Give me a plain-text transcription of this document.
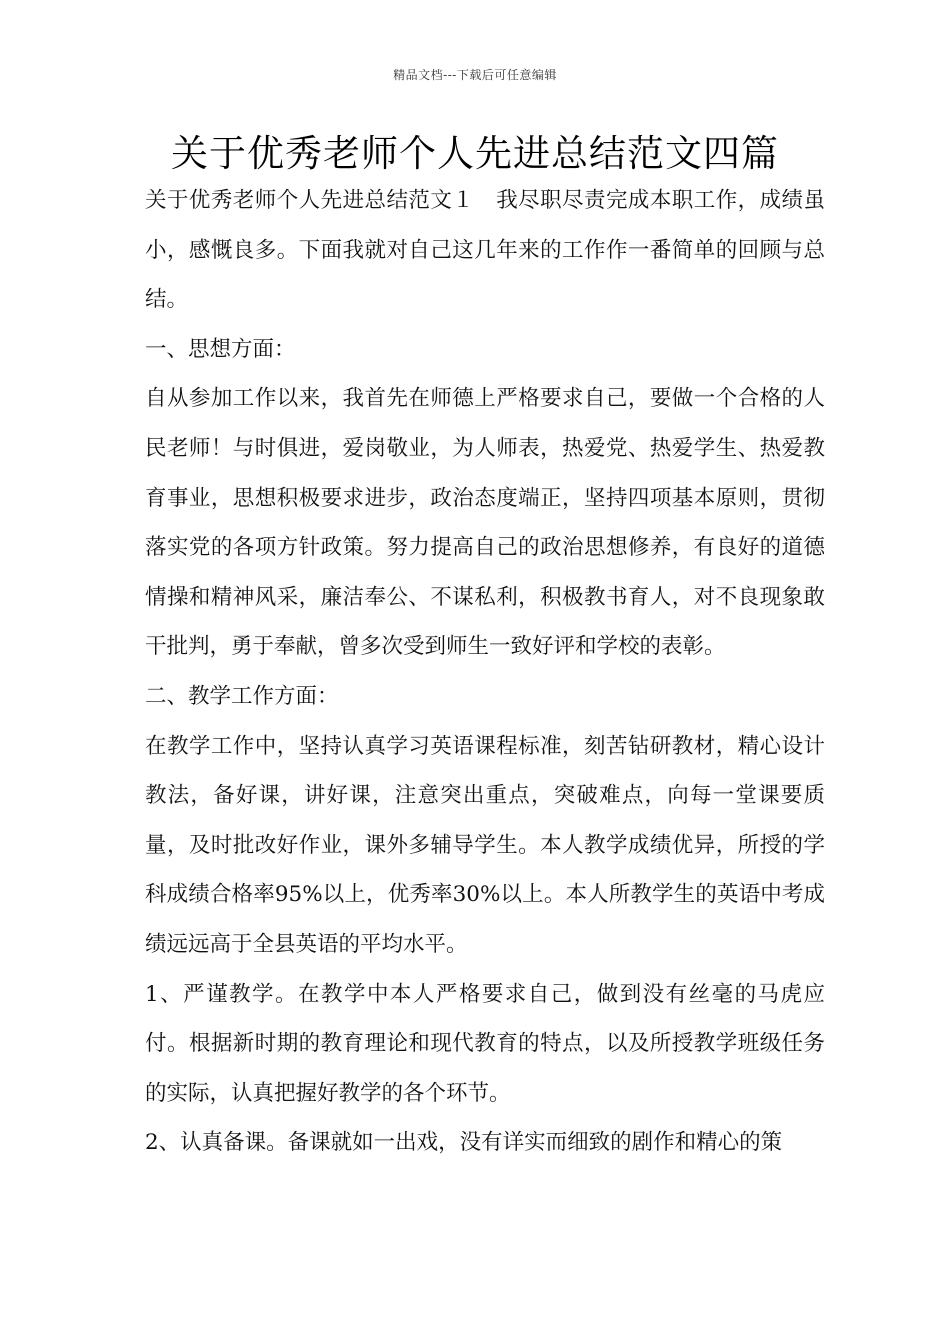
精品文档---下载后可任意编辑
关于优秀老师个人先进总结范文四篇

关于优秀老师个人先进总结范文１　我尽职尽责完成本职工作，成绩虽小，感慨良多。下面我就对自己这几年来的工作作一番简单的回顾与总结。

一、思想方面：

自从参加工作以来，我首先在师德上严格要求自己，要做一个合格的人民老师！与时俱进，爱岗敬业，为人师表，热爱党、热爱学生、热爱教育事业，思想积极要求进步，政治态度端正，坚持四项基本原则，贯彻落实党的各项方针政策。努力提高自己的政治思想修养，有良好的道德情操和精神风采，廉洁奉公、不谋私利，积极教书育人，对不良现象敢干批判，勇于奉献，曾多次受到师生一致好评和学校的表彰。

二、教学工作方面：

在教学工作中，坚持认真学习英语课程标准，刻苦钻研教材，精心设计教法，备好课，讲好课，注意突出重点，突破难点，向每一堂课要质量，及时批改好作业，课外多辅导学生。本人教学成绩优异，所授的学科成绩合格率95%以上，优秀率30%以上。本人所教学生的英语中考成绩远远高于全县英语的平均水平。

1、严谨教学。在教学中本人严格要求自己，做到没有丝毫的马虎应付。根据新时期的教育理论和现代教育的特点，以及所授教学班级任务的实际，认真把握好教学的各个环节。

2、认真备课。备课就如一出戏，没有详实而细致的剧作和精心的策
